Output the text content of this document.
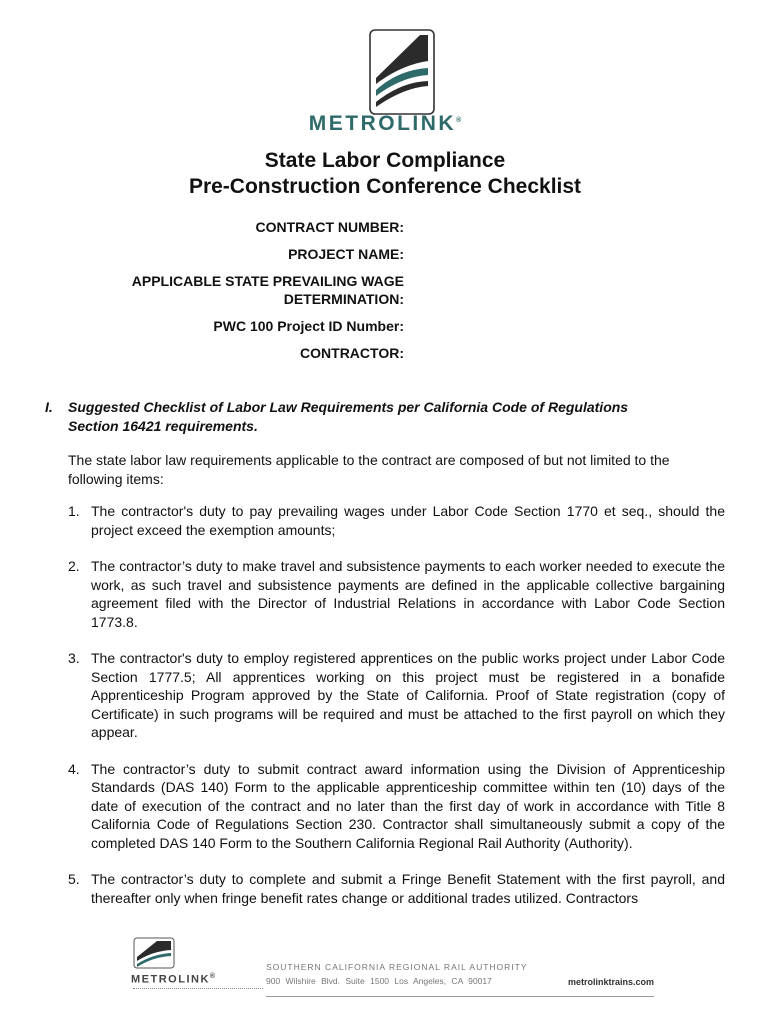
METROLINK®
State Labor Compliance
Pre-Construction Conference Checklist
CONTRACT NUMBER:
PROJECT NAME:
APPLICABLE STATE PREVAILING WAGE
DETERMINATION:
PWC 100 Project ID Number:
CONTRACTOR:
I.	Suggested Checklist of Labor Law Requirements per California Code of Regulations
Section 16421 requirements.
The state labor law requirements applicable to the contract are composed of but not limited to the following items:
1. The contractor's duty to pay prevailing wages under Labor Code Section 1770 et seq., should the project exceed the exemption amounts;
2. The contractor’s duty to make travel and subsistence payments to each worker needed to execute the work, as such travel and subsistence payments are defined in the applicable collective bargaining agreement filed with the Director of Industrial Relations in accordance with Labor Code Section 1773.8.
3. The contractor's duty to employ registered apprentices on the public works project under Labor Code Section 1777.5; All apprentices working on this project must be registered in a bonafide Apprenticeship Program approved by the State of California. Proof of State registration (copy of Certificate) in such programs will be required and must be attached to the first payroll on which they appear.
4. The contractor’s duty to submit contract award information using the Division of Apprenticeship Standards (DAS 140) Form to the applicable apprenticeship committee within ten (10) days of the date of execution of the contract and no later than the first day of work in accordance with Title 8 California Code of Regulations Section 230. Contractor shall simultaneously submit a copy of the completed DAS 140 Form to the Southern California Regional Rail Authority (Authority).
5. The contractor’s duty to complete and submit a Fringe Benefit Statement with the first payroll, and thereafter only when fringe benefit rates change or additional trades utilized. Contractors
METROLINK®
SOUTHERN CALIFORNIA REGIONAL RAIL AUTHORITY
900 Wilshire Blvd. Suite 1500 Los Angeles, CA 90017	metrolinktrains.com
